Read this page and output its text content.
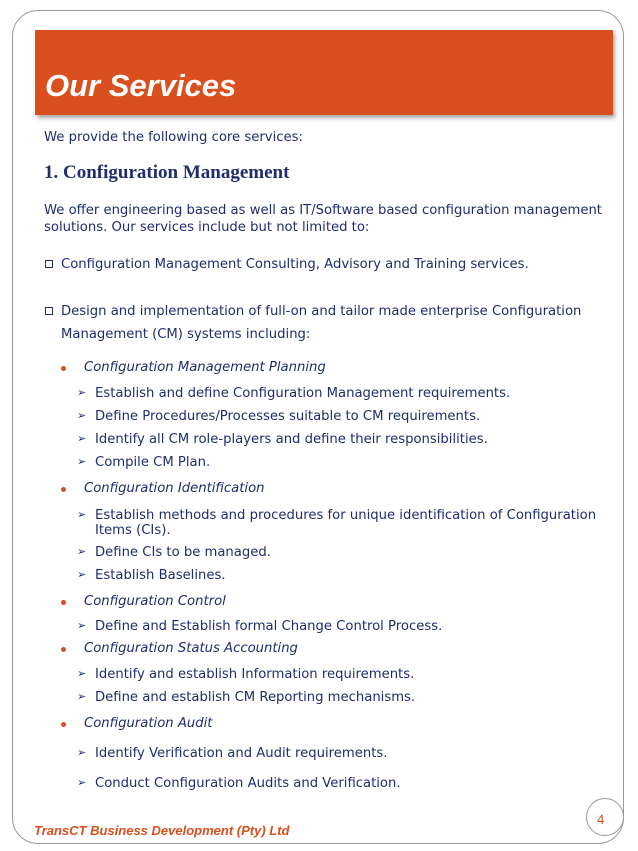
Our Services
We provide the following core services:
1. Configuration Management
We offer engineering based as well as IT/Software based configuration management
solutions. Our services include but not limited to:
Configuration Management Consulting, Advisory and Training services.
Design and implementation of full-on and tailor made enterprise Configuration
Management (CM) systems including:
Configuration Management Planning
➢ Establish and define Configuration Management requirements.
➢ Define Procedures/Processes suitable to CM requirements.
➢ Identify all CM role-players and define their responsibilities.
➢ Compile CM Plan.
Configuration Identification
➢ Establish methods and procedures for unique identification of Configuration
Items (CIs).
➢ Define CIs to be managed.
➢ Establish Baselines.
Configuration Control
➢ Define and Establish formal Change Control Process.
Configuration Status Accounting
➢ Identify and establish Information requirements.
➢ Define and establish CM Reporting mechanisms.
Configuration Audit
➢ Identify Verification and Audit requirements.
➢ Conduct Configuration Audits and Verification.
4
TransCT Business Development (Pty) Ltd
